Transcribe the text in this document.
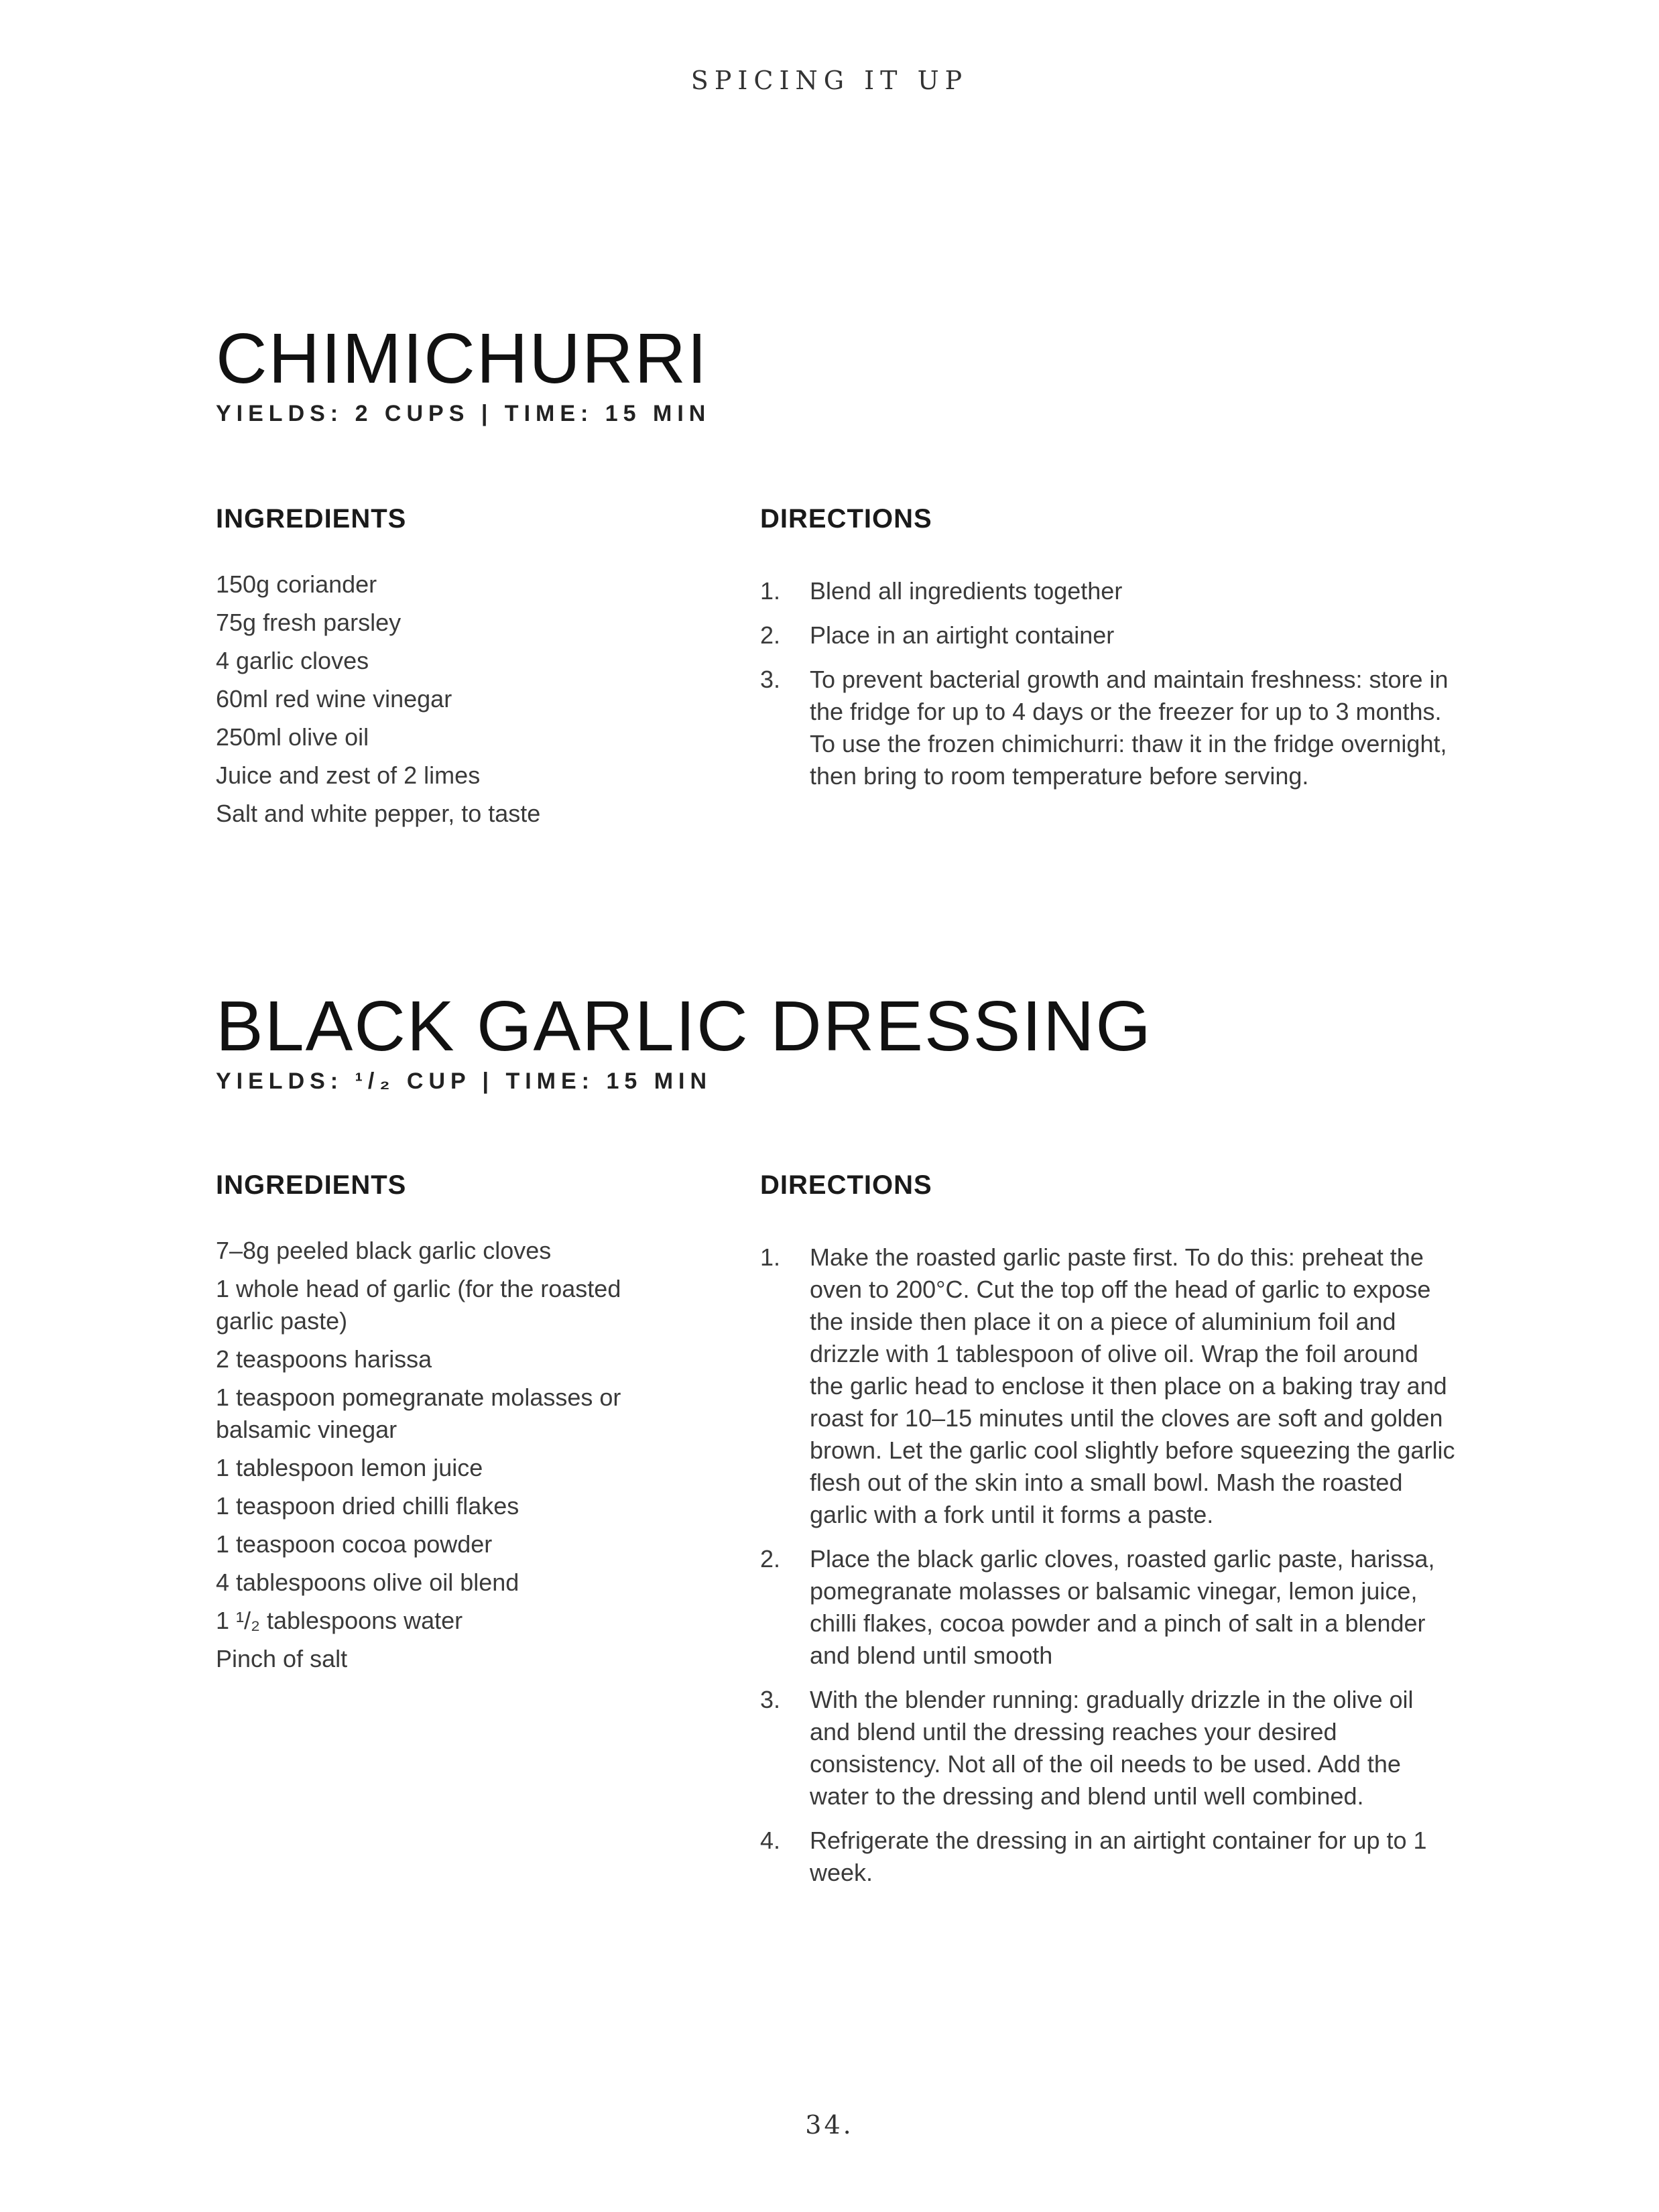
SPICING IT UP
CHIMICHURRI
YIELDS: 2 CUPS | TIME: 15 MIN
INGREDIENTS	DIRECTIONS
150g coriander
75g fresh parsley
4 garlic cloves
60ml red wine vinegar
250ml olive oil
Juice and zest of 2 limes
Salt and white pepper, to taste
1. Blend all ingredients together
2. Place in an airtight container
3. To prevent bacterial growth and maintain freshness: store in the fridge for up to 4 days or the freezer for up to 3 months. To use the frozen chimichurri: thaw it in the fridge overnight, then bring to room temperature before serving.
BLACK GARLIC DRESSING
YIELDS: ¹/₂ CUP | TIME: 15 MIN
INGREDIENTS	DIRECTIONS
7–8g peeled black garlic cloves
1 whole head of garlic (for the roasted garlic paste)
2 teaspoons harissa
1 teaspoon pomegranate molasses or balsamic vinegar
1 tablespoon lemon juice
1 teaspoon dried chilli flakes
1 teaspoon cocoa powder
4 tablespoons olive oil blend
1 ¹/₂ tablespoons water
Pinch of salt
1. Make the roasted garlic paste first. To do this: preheat the oven to 200°C. Cut the top off the head of garlic to expose the inside then place it on a piece of aluminium foil and drizzle with 1 tablespoon of olive oil. Wrap the foil around the garlic head to enclose it then place on a baking tray and roast for 10–15 minutes until the cloves are soft and golden brown. Let the garlic cool slightly before squeezing the garlic flesh out of the skin into a small bowl. Mash the roasted garlic with a fork until it forms a paste.
2. Place the black garlic cloves, roasted garlic paste, harissa, pomegranate molasses or balsamic vinegar, lemon juice, chilli flakes, cocoa powder and a pinch of salt in a blender and blend until smooth
3. With the blender running: gradually drizzle in the olive oil and blend until the dressing reaches your desired consistency. Not all of the oil needs to be used. Add the water to the dressing and blend until well combined.
4. Refrigerate the dressing in an airtight container for up to 1 week.
34.
